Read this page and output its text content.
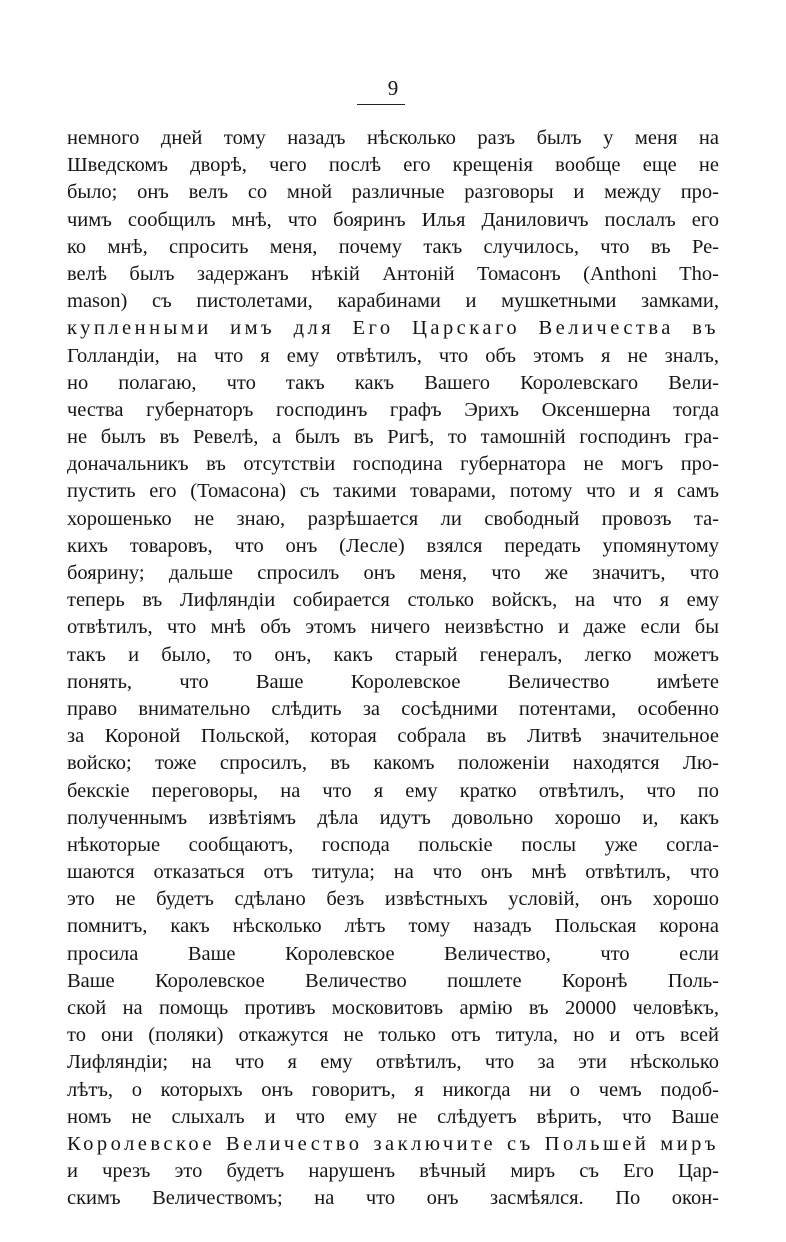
9
немного дней тому назадъ нѣсколько разъ былъ у меня на
Шведскомъ дворѣ, чего послѣ его крещенія вообще еще не
было; онъ велъ со мной различные разговоры и между про-
чимъ сообщилъ мнѣ, что бояринъ Илья Даниловичъ послалъ его
ко мнѣ, спросить меня, почему такъ случилось, что въ Ре-
велѣ былъ задержанъ нѣкій Антоній Томасонъ (Anthoni Tho-
mason) съ пистолетами, карабинами и мушкетными замками,
купленными имъ для Его Царскаго Величества въ
Голландіи, на что я ему отвѣтилъ, что объ этомъ я не зналъ,
но полагаю, что такъ какъ Вашего Королевскаго Вели-
чества губернаторъ господинъ графъ Эрихъ Оксеншерна тогда
не былъ въ Ревелѣ, а былъ въ Ригѣ, то тамошній господинъ гра-
доначальникъ въ отсутствіи господина губернатора не могъ про-
пустить его (Томасона) съ такими товарами, потому что и я самъ
хорошенько не знаю, разрѣшается ли свободный провозъ та-
кихъ товаровъ, что онъ (Лесле) взялся передать упомянутому
боярину; дальше спросилъ онъ меня, что же значитъ, что
теперь въ Лифляндіи собирается столько войскъ, на что я ему
отвѣтилъ, что мнѣ объ этомъ ничего неизвѣстно и даже если бы
такъ и было, то онъ, какъ старый генералъ, легко можетъ
понять, что Ваше Королевское Величество имѣете
право внимательно слѣдить за сосѣдними потентами, особенно
за Короной Польской, которая собрала въ Литвѣ значительное
войско; тоже спросилъ, въ какомъ положеніи находятся Лю-
бекскіе переговоры, на что я ему кратко отвѣтилъ, что по
полученнымъ извѣтіямъ дѣла идутъ довольно хорошо и, какъ
нѣкоторые сообщаютъ, господа польскіе послы уже согла-
шаются отказаться отъ титула; на что онъ мнѣ отвѣтилъ, что
это не будетъ сдѣлано безъ извѣстныхъ условій, онъ хорошо
помнитъ, какъ нѣсколько лѣтъ тому назадъ Польская корона
просила Ваше Королевское Величество, что если
Ваше Королевское Величество пошлете Коронѣ Поль-
ской на помощь противъ московитовъ армію въ 20000 человѣкъ,
то они (поляки) откажутся не только отъ титула, но и отъ всей
Лифляндіи; на что я ему отвѣтилъ, что за эти нѣсколько
лѣтъ, о которыхъ онъ говоритъ, я никогда ни о чемъ подоб-
номъ не слыхалъ и что ему не слѣдуетъ вѣрить, что Ваше
Королевское Величество заключите съ Польшей миръ
и чрезъ это будетъ нарушенъ вѣчный миръ съ Его Цар-
скимъ Величествомъ; на что онъ засмѣялся. По окон-
